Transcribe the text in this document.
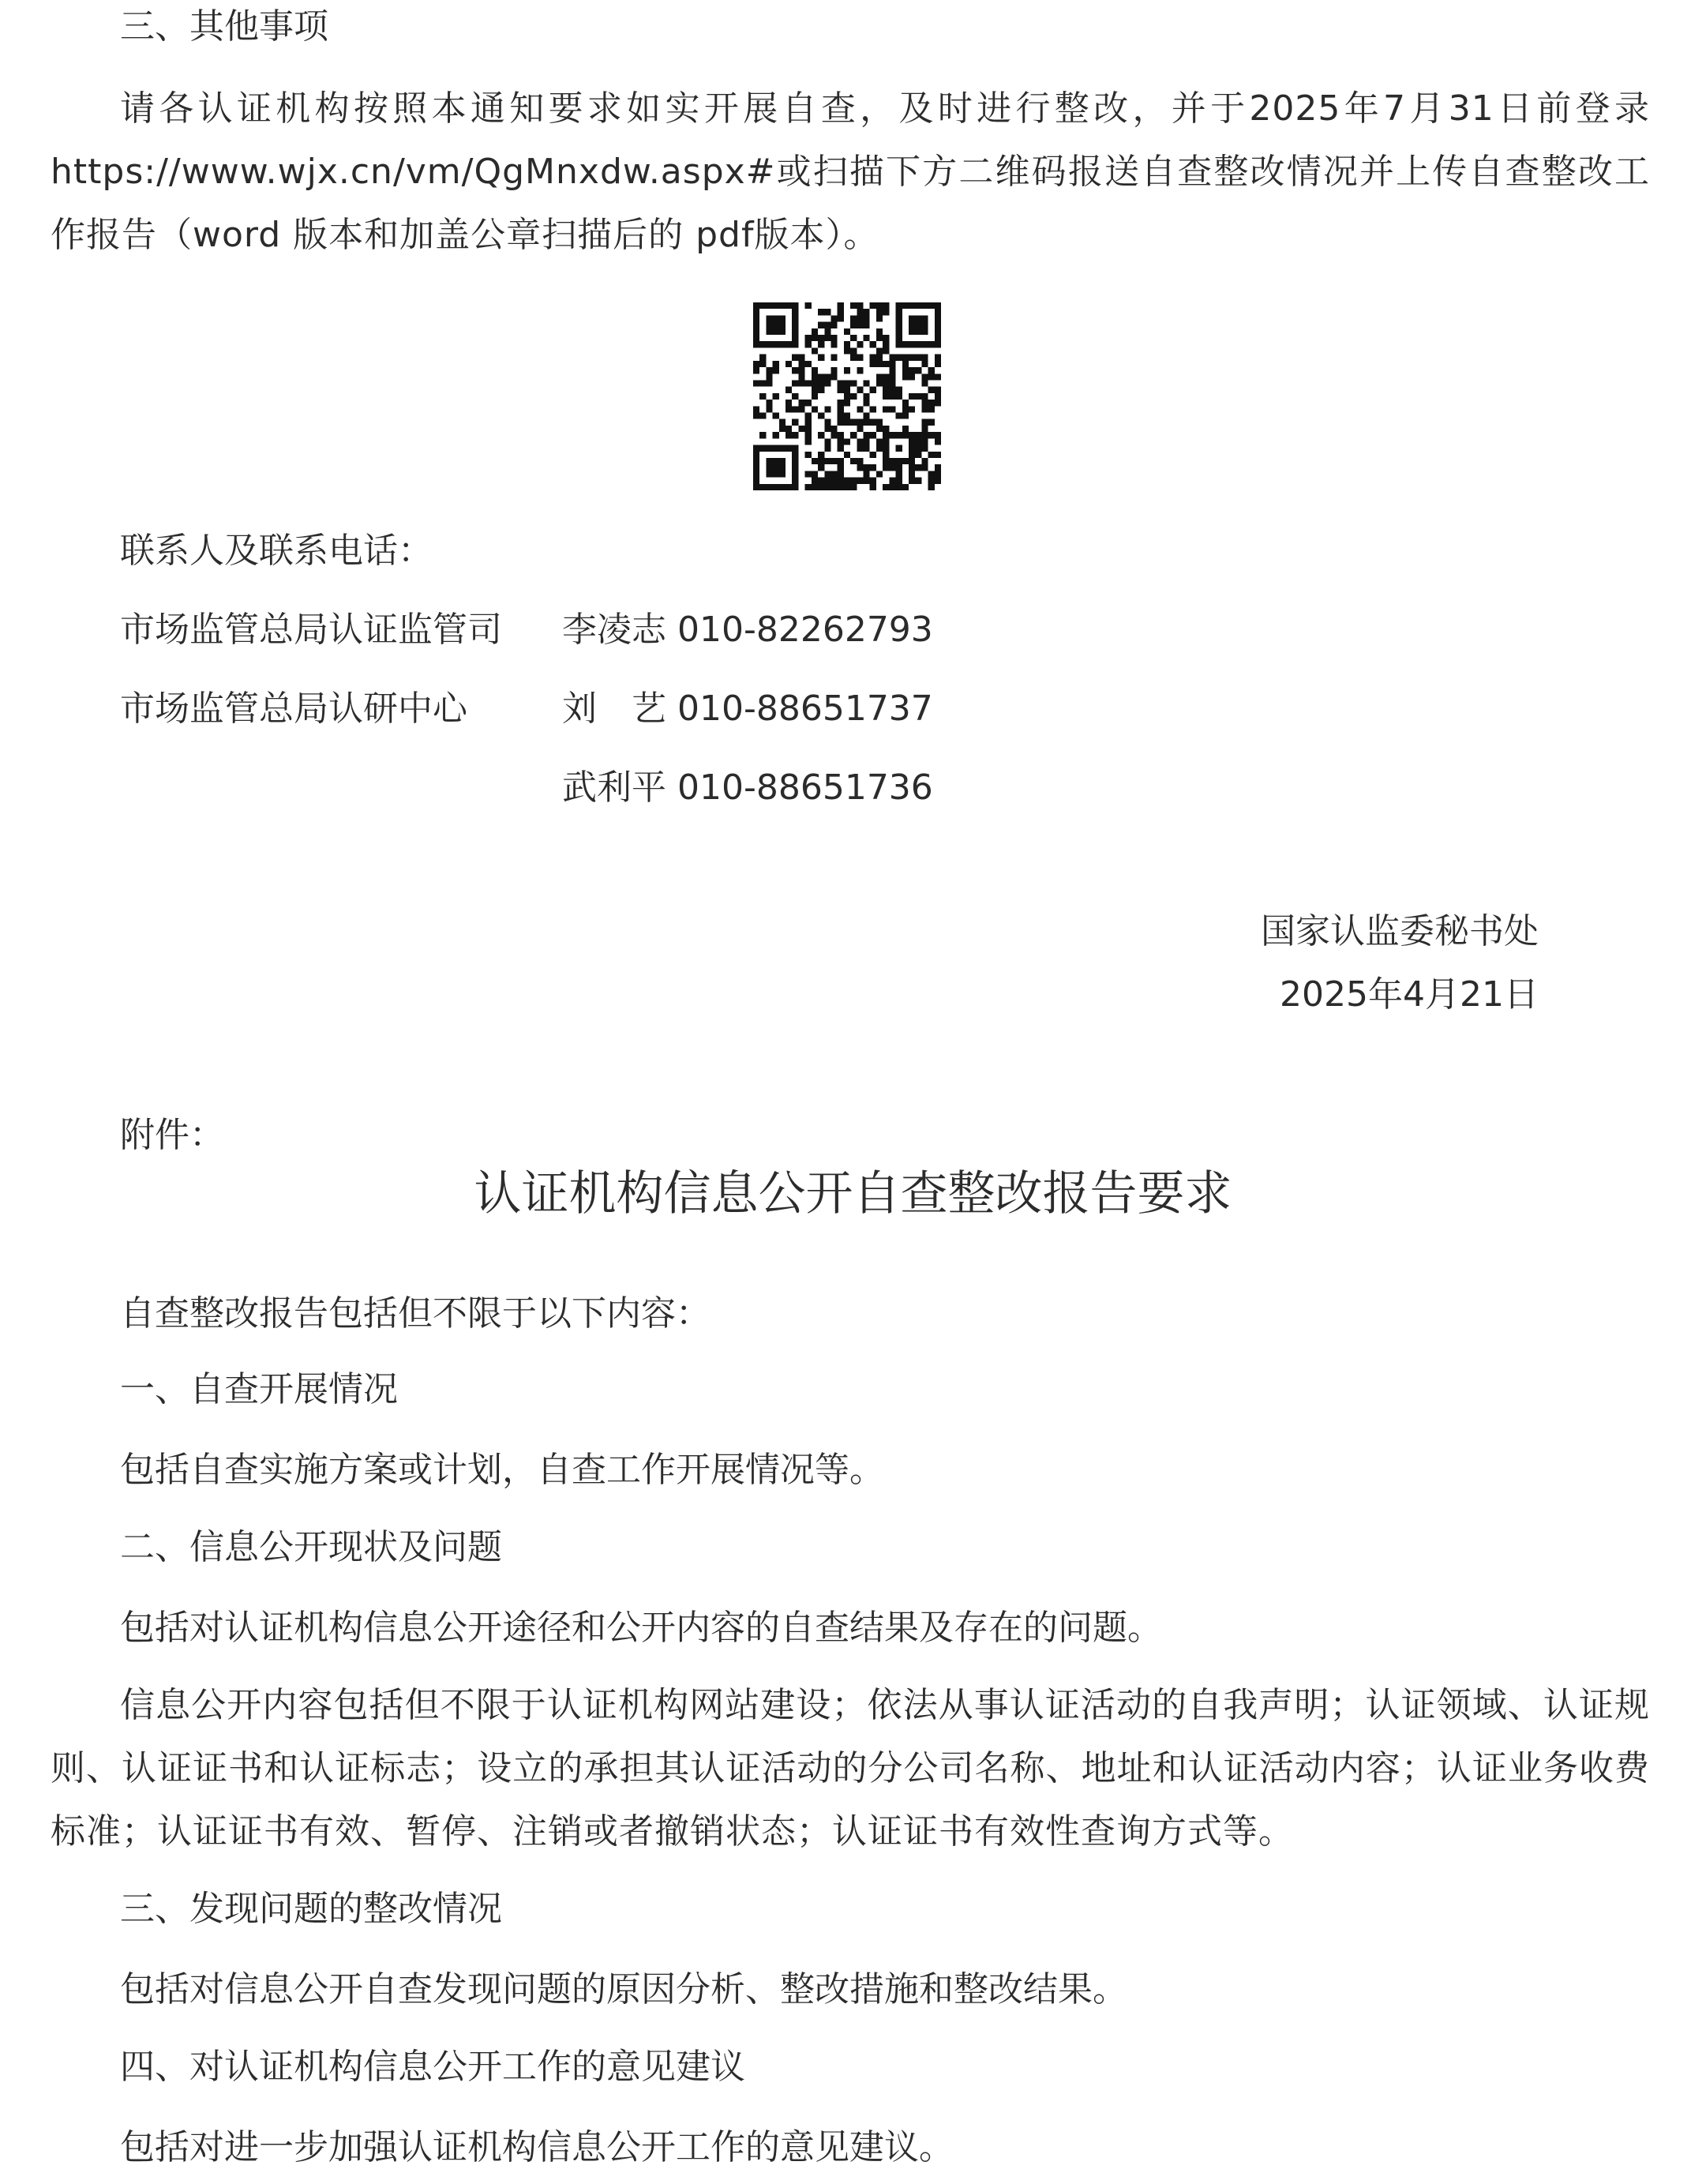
三、其他事项
请各认证机构按照本通知要求如实开展自查，及时进行整改，并于2025年7月31日前登录https://www.wjx.cn/vm/QgMnxdw.aspx#或扫描下方二维码报送自查整改情况并上传自查整改工作报告（word 版本和加盖公章扫描后的 pdf版本）。
联系人及联系电话：
市场监管总局认证监管司 李凌志 010-82262793
市场监管总局认研中心	刘　艺 010-88651737
武利平 010-88651736
国家认监委秘书处
2025年4月21日
附件：
认证机构信息公开自查整改报告要求
自查整改报告包括但不限于以下内容：
一、自查开展情况
包括自查实施方案或计划，自查工作开展情况等。
二、信息公开现状及问题
包括对认证机构信息公开途径和公开内容的自查结果及存在的问题。
信息公开内容包括但不限于认证机构网站建设；依法从事认证活动的自我声明；认证领域、认证规则、认证证书和认证标志；设立的承担其认证活动的分公司名称、地址和认证活动内容；认证业务收费标准；认证证书有效、暂停、注销或者撤销状态；认证证书有效性查询方式等。
三、发现问题的整改情况
包括对信息公开自查发现问题的原因分析、整改措施和整改结果。
四、对认证机构信息公开工作的意见建议
包括对进一步加强认证机构信息公开工作的意见建议。
